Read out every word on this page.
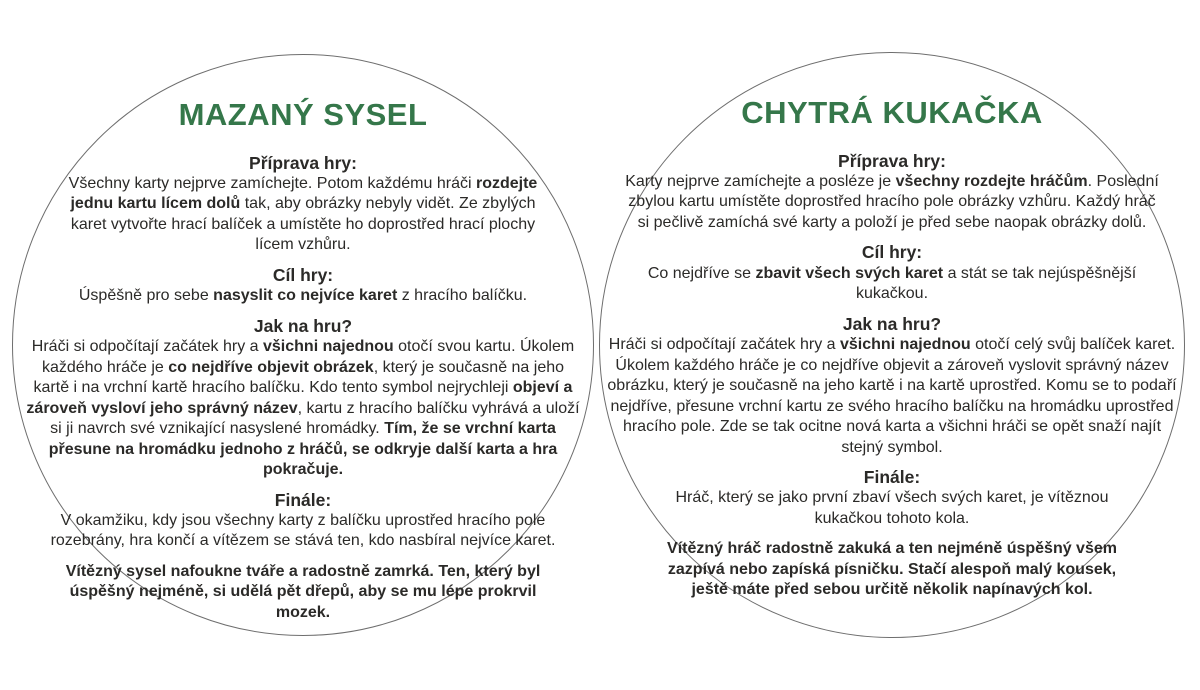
MAZANÝ SYSEL
Příprava hry:

Všechny karty nejprve zamíchejte. Potom každému hráči rozdejte jednu kartu lícem dolů tak, aby obrázky nebyly vidět. Ze zbylých karet vytvořte hrací balíček a umístěte ho doprostřed hrací plochy lícem vzhůru.

Cíl hry:

Úspěšně pro sebe nasyslit co nejvíce karet z hracího balíčku.

Jak na hru?

Hráči si odpočítají začátek hry a všichni najednou otočí svou kartu. Úkolem každého hráče je co nejdříve objevit obrázek, který je současně na jeho kartě i na vrchní kartě hracího balíčku. Kdo tento symbol nejrychleji objeví a zároveň vysloví jeho správný název, kartu z hracího balíčku vyhrává a uloží si ji navrch své vznikající nasyslené hromádky. Tím, že se vrchní karta přesune na hromádku jednoho z hráčů, se odkryje další karta a hra pokračuje.

Finále:

V okamžiku, kdy jsou všechny karty z balíčku uprostřed hracího pole rozebrány, hra končí a vítězem se stává ten, kdo nasbíral nejvíce karet.

Vítězný sysel nafoukne tváře a radostně zamrká. Ten, který byl úspěšný nejméně, si udělá pět dřepů, aby se mu lépe prokrvil mozek.

CHYTRÁ KUKAČKA
Příprava hry:

Karty nejprve zamíchejte a posléze je všechny rozdejte hráčům. Poslední zbylou kartu umístěte doprostřed hracího pole obrázky vzhůru. Každý hráč si pečlivě zamíchá své karty a položí je před sebe naopak obrázky dolů.

Cíl hry:

Co nejdříve se zbavit všech svých karet a stát se tak nejúspěšnější kukačkou.

Jak na hru?

Hráči si odpočítají začátek hry a všichni najednou otočí celý svůj balíček karet. Úkolem každého hráče je co nejdříve objevit a zároveň vyslovit správný název obrázku, který je současně na jeho kartě i na kartě uprostřed. Komu se to podaří nejdříve, přesune vrchní kartu ze svého hracího balíčku na hromádku uprostřed hracího pole. Zde se tak ocitne nová karta a všichni hráči se opět snaží najít stejný symbol.

Finále:

Hráč, který se jako první zbaví všech svých karet, je vítěznou kukačkou tohoto kola.

Vítězný hráč radostně zakuká a ten nejméně úspěšný všem zazpívá nebo zapíská písničku. Stačí alespoň malý kousek, ještě máte před sebou určitě několik napínavých kol.
